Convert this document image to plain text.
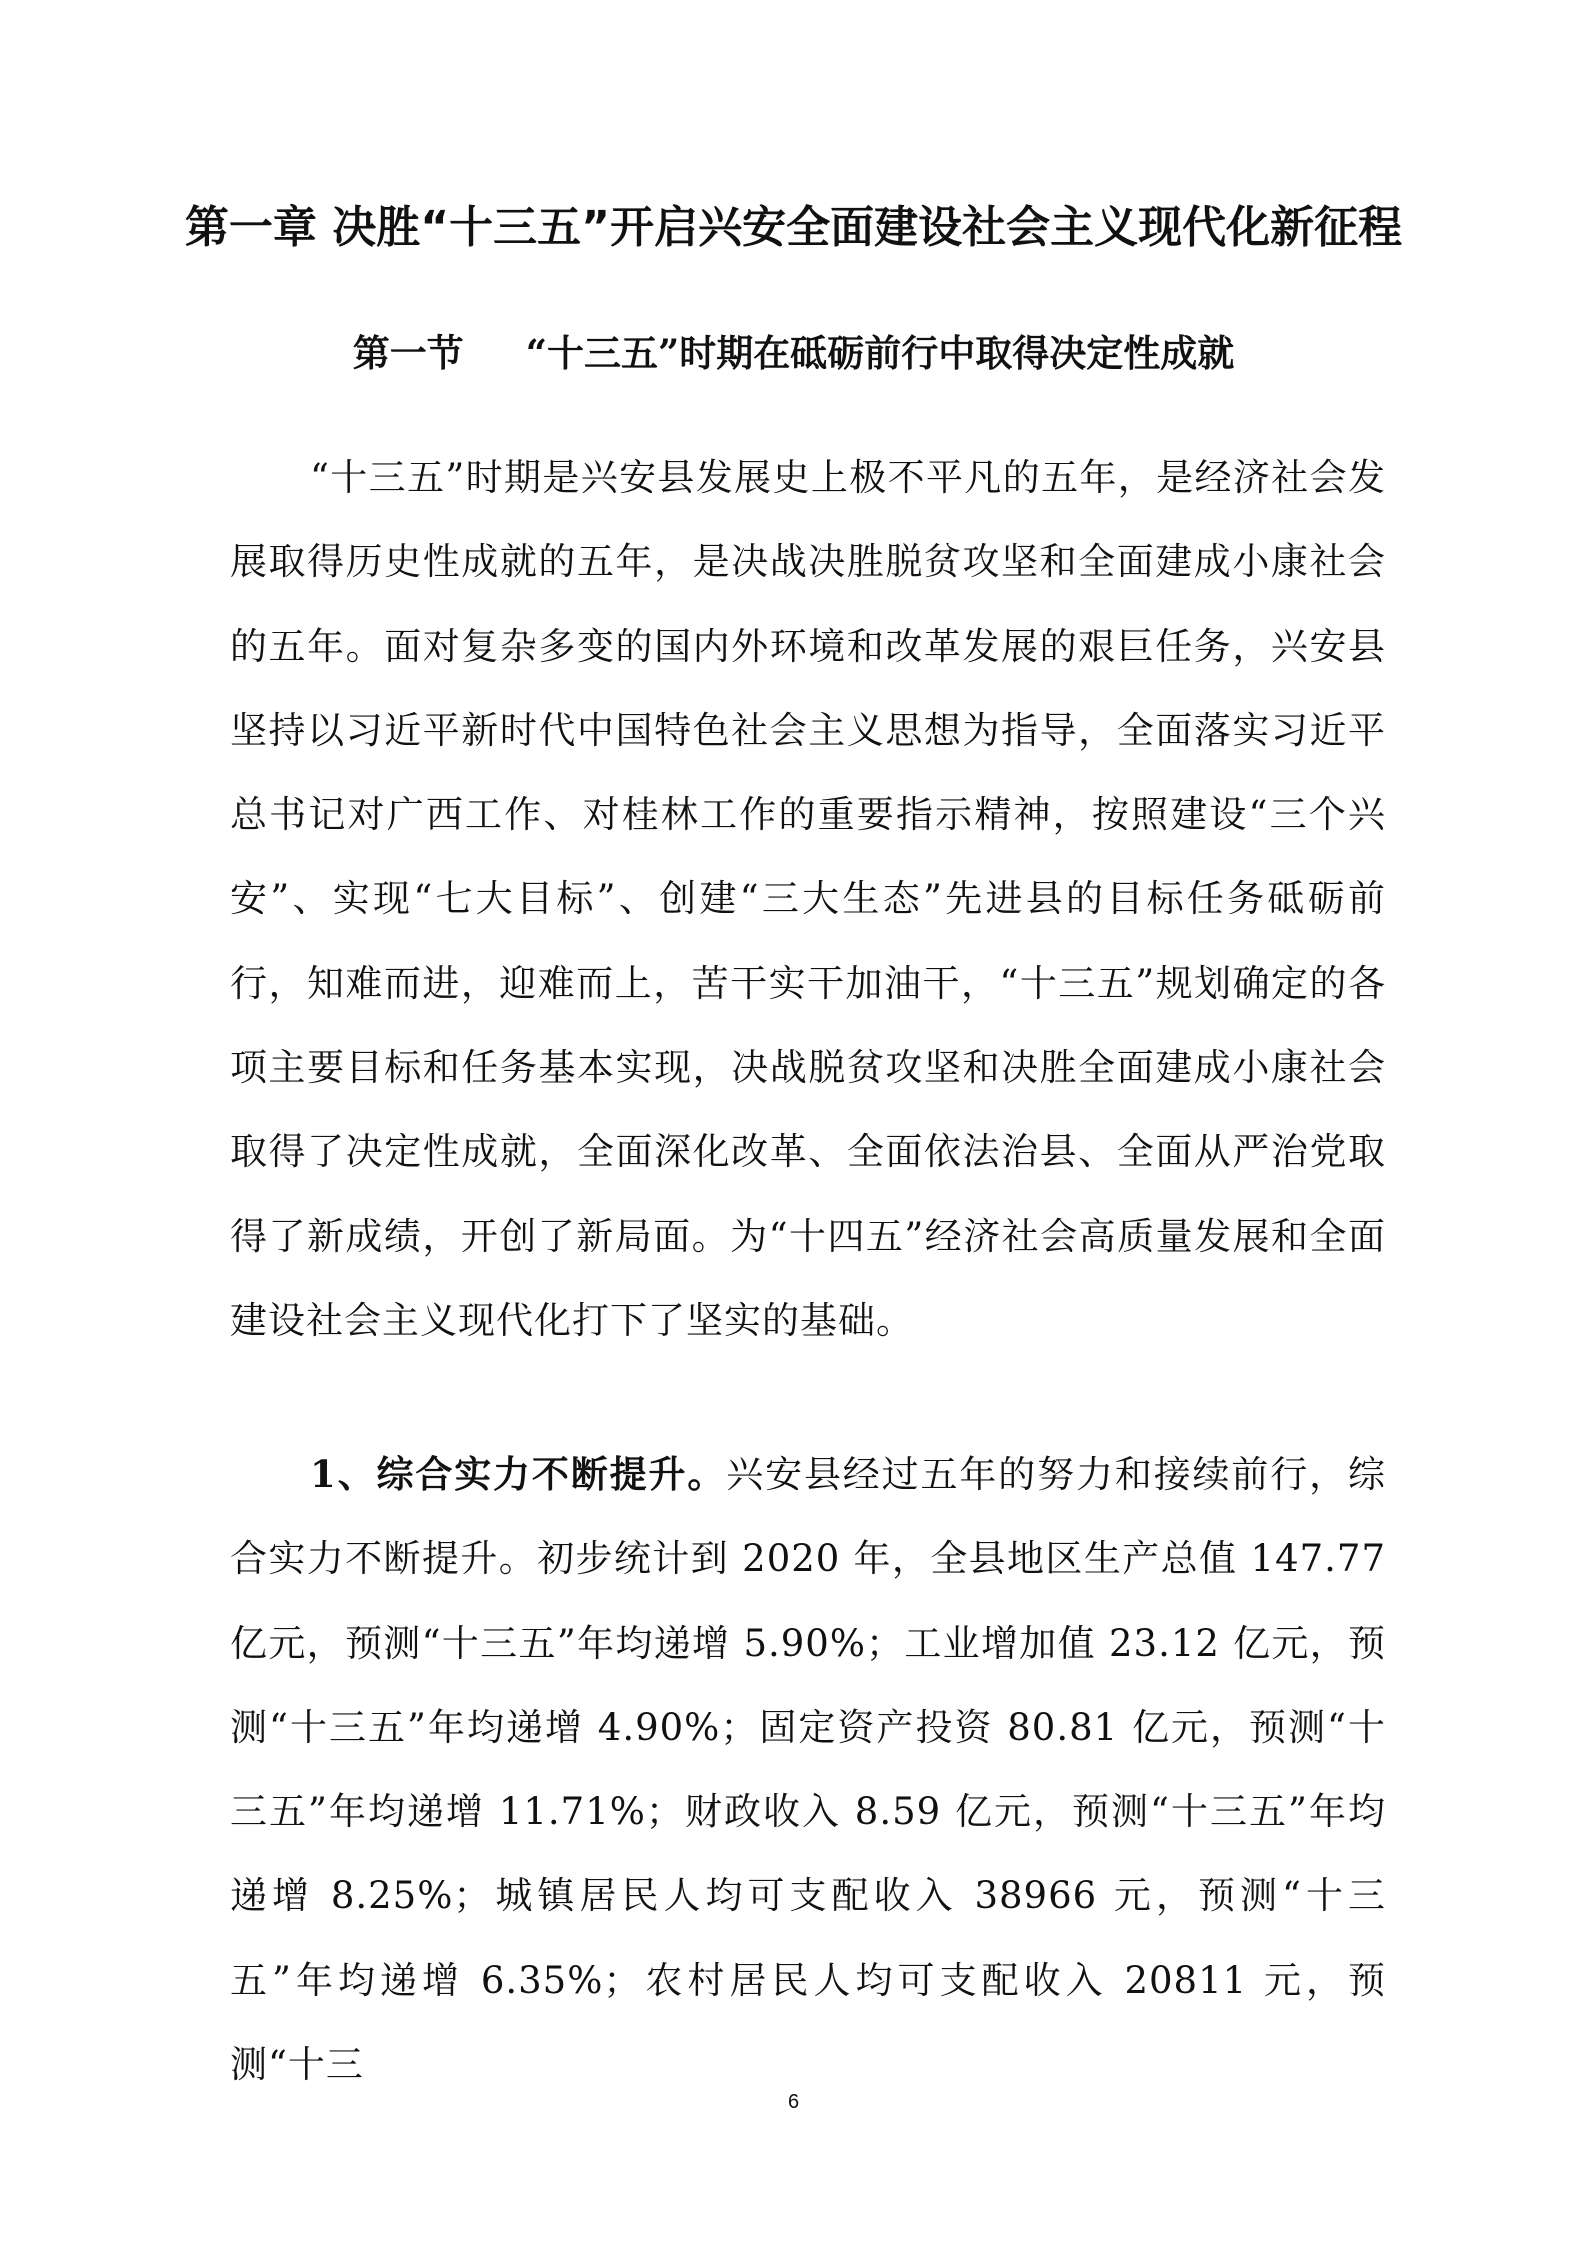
第一章 决胜“十三五”开启兴安全面建设社会主义现代化新征程
第一节 “十三五”时期在砥砺前行中取得决定性成就

“十三五”时期是兴安县发展史上极不平凡的五年，是经济社会发展取得历史性成就的五年，是决战决胜脱贫攻坚和全面建成小康社会的五年。面对复杂多变的国内外环境和改革发展的艰巨任务，兴安县坚持以习近平新时代中国特色社会主义思想为指导，全面落实习近平总书记对广西工作、对桂林工作的重要指示精神，按照建设“三个兴安”、实现“七大目标”、创建“三大生态”先进县的目标任务砥砺前行，知难而进，迎难而上，苦干实干加油干，“十三五”规划确定的各项主要目标和任务基本实现，决战脱贫攻坚和决胜全面建成小康社会取得了决定性成就，全面深化改革、全面依法治县、全面从严治党取得了新成绩，开创了新局面。为“十四五”经济社会高质量发展和全面建设社会主义现代化打下了坚实的基础。

1、综合实力不断提升。兴安县经过五年的努力和接续前行，综合实力不断提升。初步统计到 2020 年，全县地区生产总值 147.77 亿元，预测“十三五”年均递增 5.90%；工业增加值 23.12 亿元，预测“十三五”年均递增 4.90%；固定资产投资 80.81 亿元，预测“十三五”年均递增 11.71%；财政收入 8.59 亿元，预测“十三五”年均递增 8.25%；城镇居民人均可支配收入 38966 元，预测“十三五”年均递增 6.35%；农村居民人均可支配收入 20811 元，预测“十三

6
